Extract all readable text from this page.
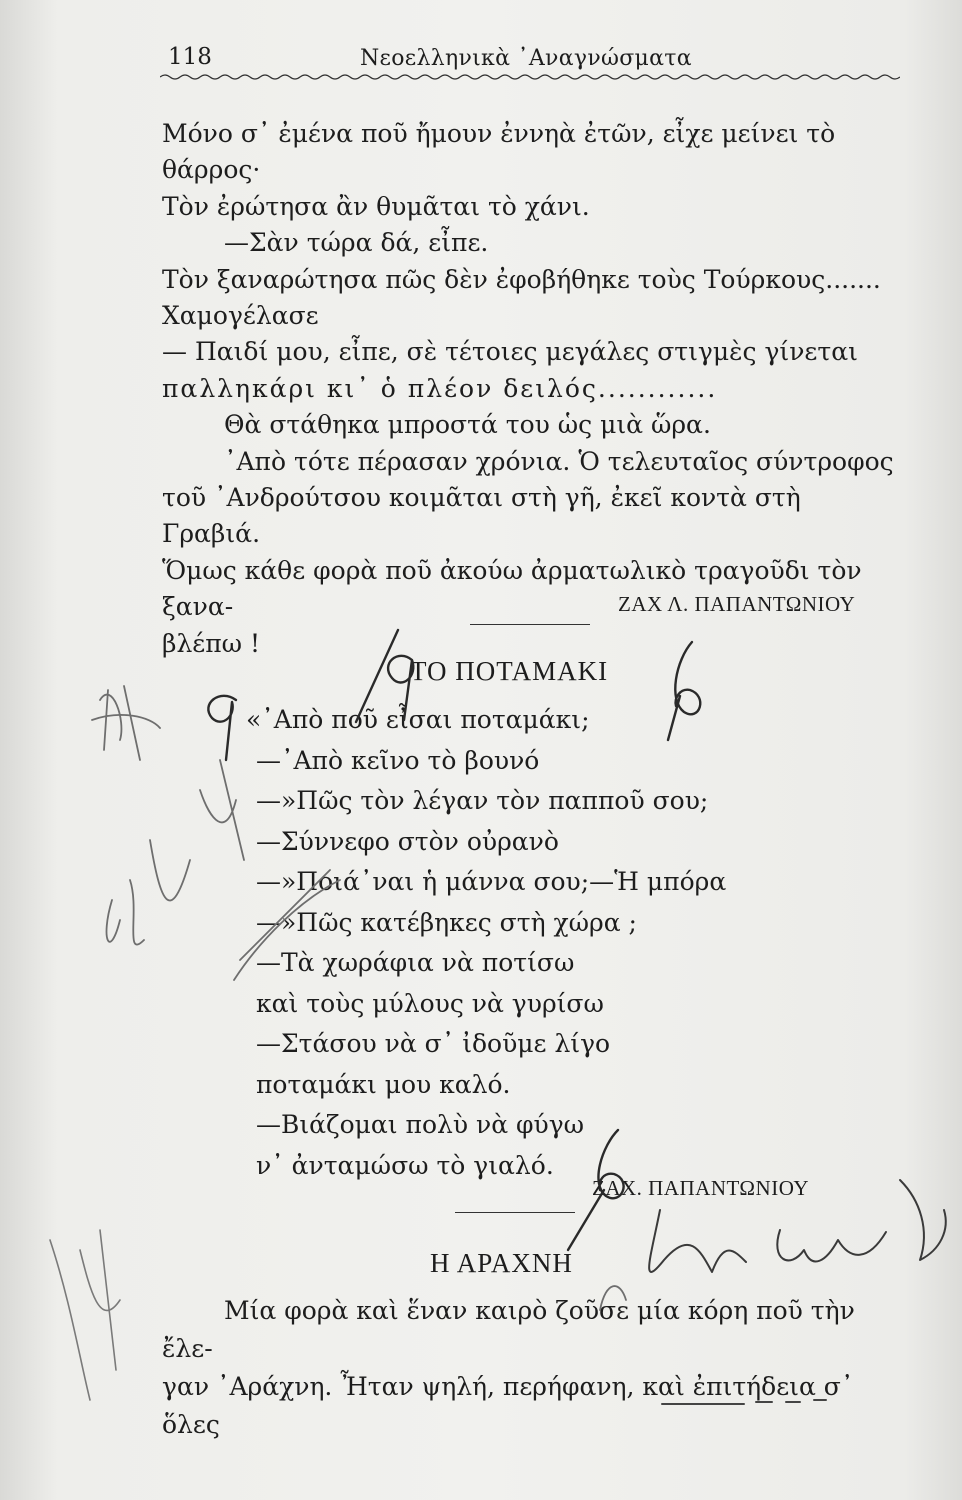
118	Νεοελληνικὰ ᾿Αναγνώσματα

Μόνο σ᾿ ἐμένα ποῦ ἤμουν ἐννηὰ ἐτῶν, εἶχε μείνει τὸ θάρρος·

Τὸν ἐρώτησα ἂν θυμᾶται τὸ χάνι.

—Σὰν τώρα δά, εἶπε.

Τὸν ξαναρώτησα πῶς δὲν ἐφοβήθηκε τοὺς Τούρκους.......

Χαμογέλασε

— Παιδί μου, εἶπε, σὲ τέτοιες μεγάλες στιγμὲς γίνεται

παλληκάρι κι᾿ ὁ πλέον δειλός............

Θὰ στάθηκα μπροστά του ὡς μιὰ ὥρα.

᾿Απὸ τότε πέρασαν χρόνια. Ὁ τελευταῖος σύντροφος

τοῦ ᾿Ανδρούτσου κοιμᾶται στὴ γῆ, ἐκεῖ κοντὰ στὴ Γραβιά.

Ὅμως κάθε φορὰ ποῦ ἀκούω ἀρματωλικὸ τραγοῦδι τὸν ξανα-

βλέπω !

ΖΑΧ Λ. ΠΑΠΑΝΤΩΝΙΟΥ
ΤΟ ΠΟΤΑΜΑΚΙ
«᾿Απὸ ποῦ εἶσαι ποταμάκι;
—᾿Απὸ κεῖνο τὸ βουνό
—»Πῶς τὸν λέγαν τὸν παπποῦ σου;
—Σύννεφο στὸν οὐρανὸ
—»Ποιά᾿ναι ἡ μάννα σου;—Ἡ μπόρα
—»Πῶς κατέβηκες στὴ χώρα ;
—Τὰ χωράφια νὰ ποτίσω
καὶ τοὺς μύλους νὰ γυρίσω
—Στάσου νὰ σ᾿ ἰδοῦμε λίγο
ποταμάκι μου καλό.
—Βιάζομαι πολὺ νὰ φύγω
ν᾿ ἀνταμώσω τὸ γιαλό.
ΖΑΧ. ΠΑΠΑΝΤΩΝΙΟΥ
Η ΑΡΑΧΝΗ

Μία φορὰ καὶ ἕναν καιρὸ ζοῦσε μία κόρη ποῦ τὴν ἔλε-

γαν ᾿Αράχνη. Ἦταν ψηλή, περήφανη, καὶ ἐπιτήδεια σ᾿ ὅλες
